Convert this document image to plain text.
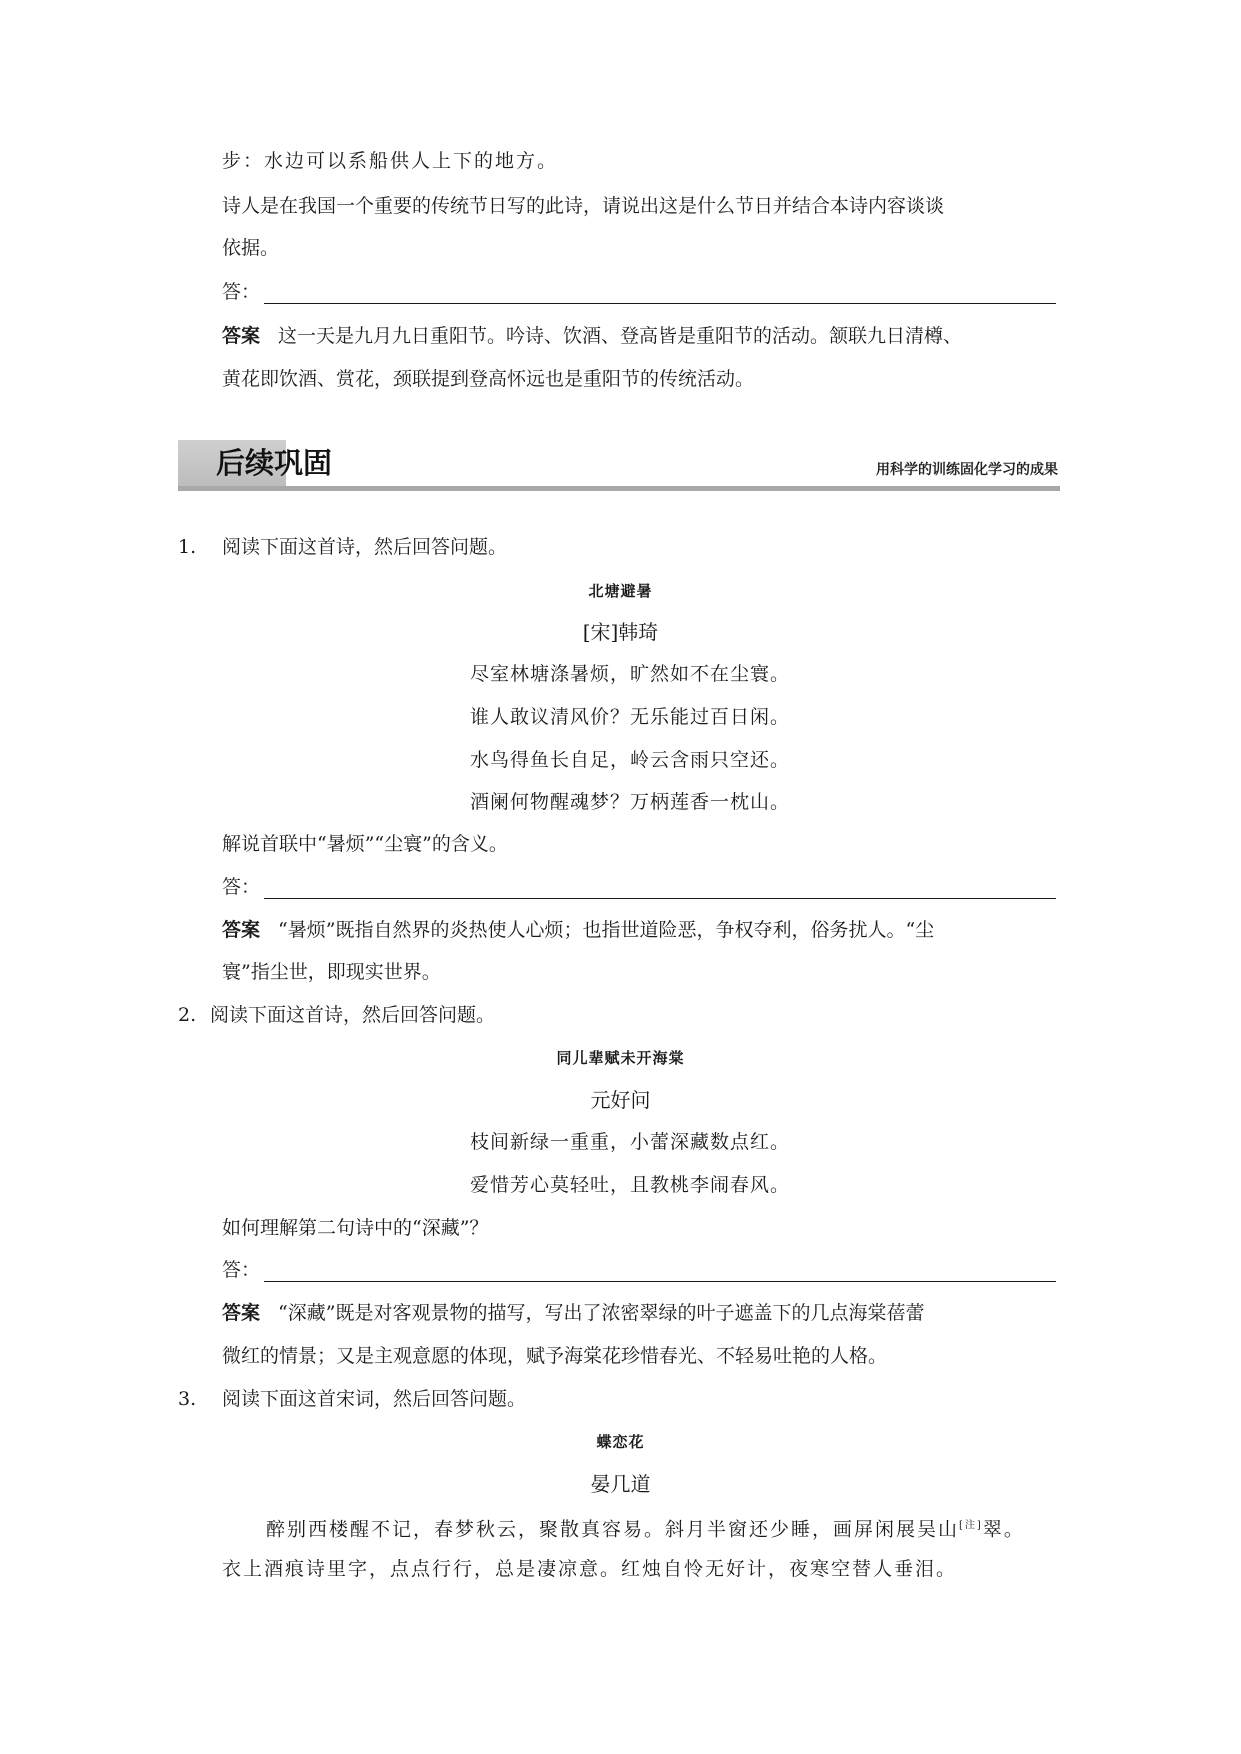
步：水边可以系船供人上下的地方。
诗人是在我国一个重要的传统节日写的此诗，请说出这是什么节日并结合本诗内容谈谈
依据。
答：
答案 这一天是九月九日重阳节。吟诗、饮酒、登高皆是重阳节的活动。颔联九日清樽、
黄花即饮酒、赏花，颈联提到登高怀远也是重阳节的传统活动。
后续巩固	用科学的训练固化学习的成果
1. 阅读下面这首诗，然后回答问题。
北塘避暑
[宋]韩琦
尽室林塘涤暑烦，旷然如不在尘寰。
谁人敢议清风价？无乐能过百日闲。
水鸟得鱼长自足，岭云含雨只空还。
酒阑何物醒魂梦？万柄莲香一枕山。
解说首联中“暑烦”“尘寰”的含义。
答：
答案 “暑烦”既指自然界的炎热使人心烦；也指世道险恶，争权夺利，俗务扰人。“尘
寰”指尘世，即现实世界。
2. 阅读下面这首诗，然后回答问题。
同儿辈赋未开海棠
元好问
枝间新绿一重重，小蕾深藏数点红。
爱惜芳心莫轻吐，且教桃李闹春风。
如何理解第二句诗中的“深藏”？
答：
答案 “深藏”既是对客观景物的描写，写出了浓密翠绿的叶子遮盖下的几点海棠蓓蕾
微红的情景；又是主观意愿的体现，赋予海棠花珍惜春光、不轻易吐艳的人格。
3. 阅读下面这首宋词，然后回答问题。
蝶恋花
晏几道
醉别西楼醒不记，春梦秋云，聚散真容易。斜月半窗还少睡，画屏闲展吴山[注]翠。
衣上酒痕诗里字，点点行行，总是凄凉意。红烛自怜无好计，夜寒空替人垂泪。
